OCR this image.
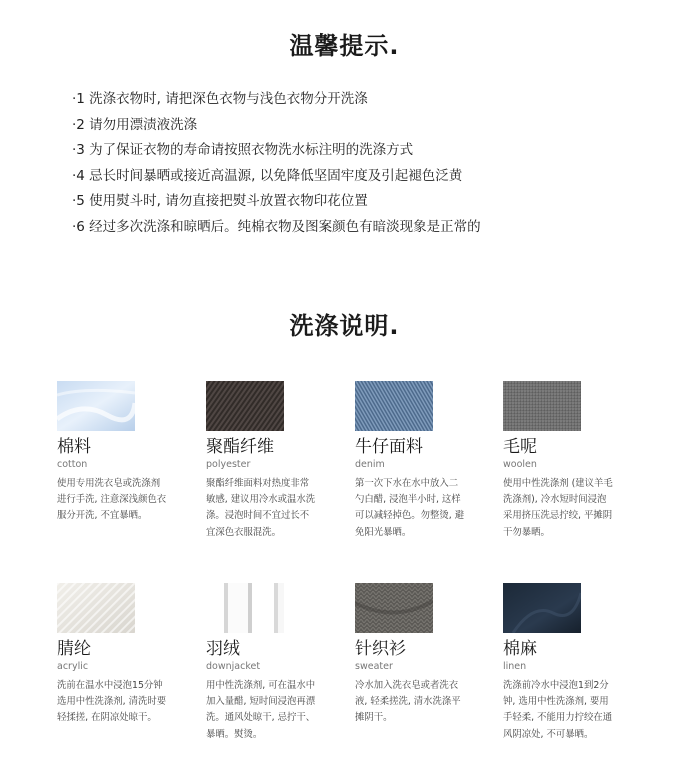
温馨提示.
·1 洗涤衣物时, 请把深色衣物与浅色衣物分开洗涤
·2 请勿用漂渍液洗涤
·3 为了保证衣物的寿命请按照衣物洗水标注明的洗涤方式
·4 忌长时间暴晒或接近高温源, 以免降低坚固牢度及引起褪色泛黄
·5 使用熨斗时, 请勿直接把熨斗放置衣物印花位置
·6 经过多次洗涤和晾晒后。纯棉衣物及图案颜色有暗淡现象是正常的
洗涤说明.
棉料
cotton
使用专用洗衣皂或洗涤剂进行手洗, 注意深浅颜色衣服分开洗, 不宜暴晒。
聚酯纤维
polyester
聚酯纤维面料对热度非常敏感, 建议用冷水或温水洗涤。浸泡时间不宜过长不宜深色衣服混洗。
牛仔面料
denim
第一次下水在水中放入二勺白醋, 浸泡半小时, 这样可以减轻掉色。勿整烫, 避免阳光暴晒。
毛呢
woolen
使用中性洗涤剂 (建议羊毛洗涤剂), 冷水短时间浸泡采用挤压洗忌拧绞, 平摊阴干勿暴晒。
腈纶
acrylic
洗前在温水中浸泡15分钟选用中性洗涤剂, 清洗时要轻揉搓, 在阴凉处晾干。
羽绒
downjacket
用中性洗涤剂, 可在温水中加入量醋, 短时间浸泡再漂洗。通风处晾干, 忌拧干、暴晒。熨烫。
针织衫
sweater
冷水加入洗衣皂或者洗衣液, 轻柔搓洗, 清水洗涤平摊阴干。
棉麻
linen
洗涤前冷水中浸泡1到2分钟, 选用中性洗涤剂, 要用手轻柔, 不能用力拧绞在通风阴凉处, 不可暴晒。
